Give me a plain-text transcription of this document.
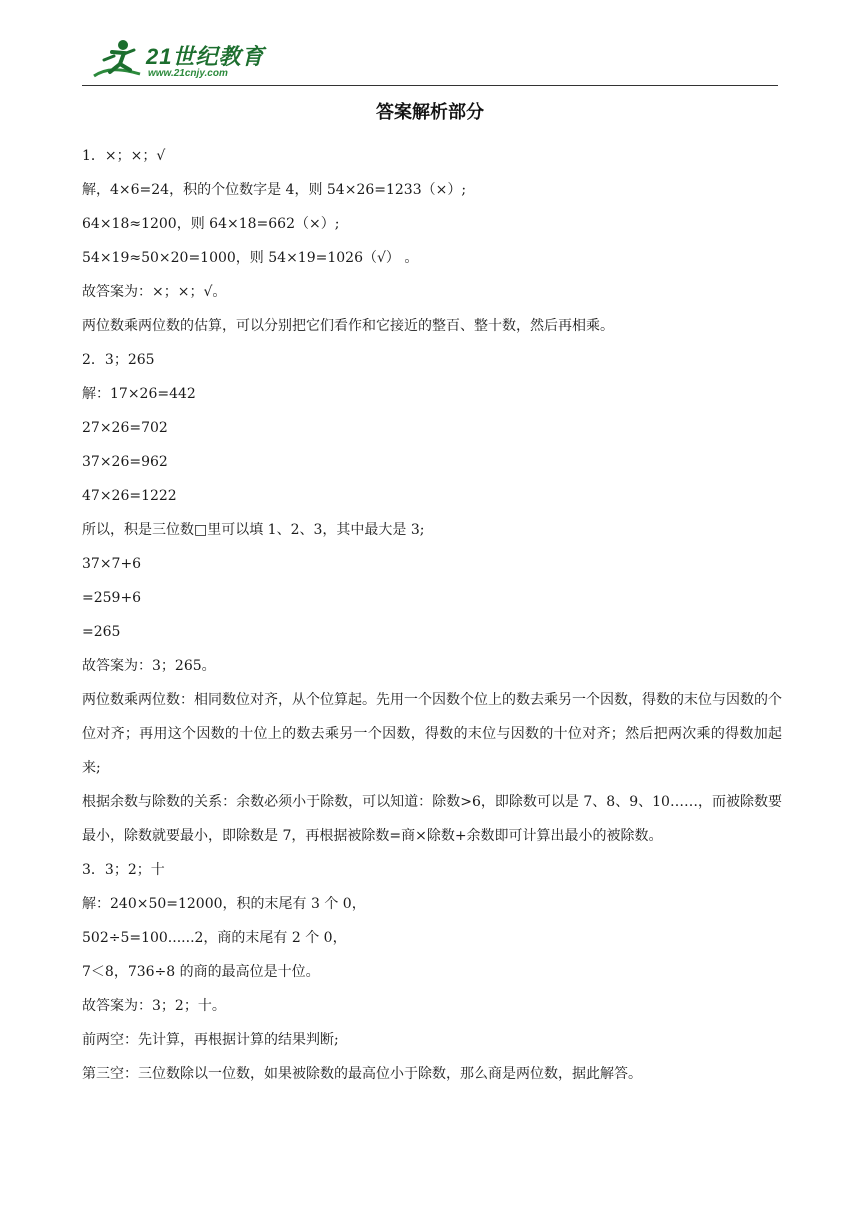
21世纪教育
www.21cnjy.com
答案解析部分
1．×；×；√
解，4×6=24，积的个位数字是 4，则 54×26=1233（×）;
64×18≈1200，则 64×18=662（×）;
54×19≈50×20=1000，则 54×19=1026（√） 。
故答案为：×；×；√。
两位数乘两位数的估算，可以分别把它们看作和它接近的整百、整十数，然后再相乘。
2．3；265
解：17×26=442
27×26=702
37×26=962
47×26=1222
所以，积是三位数□里可以填 1、2、3，其中最大是 3;
37×7+6
=259+6
=265
故答案为：3；265。
两位数乘两位数：相同数位对齐，从个位算起。先用一个因数个位上的数去乘另一个因数，得数的末位与因数的个位对齐；再用这个因数的十位上的数去乘另一个因数，得数的末位与因数的十位对齐；然后把两次乘的得数加起来;
根据余数与除数的关系：余数必须小于除数，可以知道：除数>6，即除数可以是 7、8、9、10……，而被除数要最小，除数就要最小，即除数是 7，再根据被除数=商×除数+余数即可计算出最小的被除数。
3．3；2；十
解：240×50=12000，积的末尾有 3 个 0，
502÷5=100......2，商的末尾有 2 个 0，
7＜8，736÷8 的商的最高位是十位。
故答案为：3；2；十。
前两空：先计算，再根据计算的结果判断;
第三空：三位数除以一位数，如果被除数的最高位小于除数，那么商是两位数，据此解答。
